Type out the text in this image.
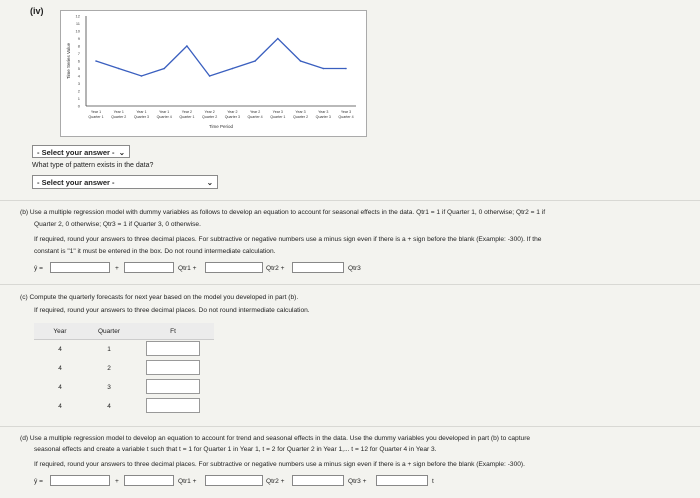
(iv)
0
1
2
3
4
5
6
7
8
9
10
11
12
Time Series Value
Year 1
Quarter 1
Year 1
Quarter 2
Year 1
Quarter 3
Year 1
Quarter 4
Year 2
Quarter 1
Year 2
Quarter 2
Year 2
Quarter 3
Year 2
Quarter 4
Year 3
Quarter 1
Year 3
Quarter 2
Year 3
Quarter 3
Year 3
Quarter 4
Time Period
- Select your answer - ⌄
What type of pattern exists in the data?
- Select your answer -	⌄
(b) Use a multiple regression model with dummy variables as follows to develop an equation to account for seasonal effects in the data. Qtr1 = 1 if Quarter 1, 0 otherwise; Qtr2 = 1 if
Quarter 2, 0 otherwise; Qtr3 = 1 if Quarter 3, 0 otherwise.
If required, round your answers to three decimal places. For subtractive or negative numbers use a minus sign even if there is a + sign before the blank (Example: -300). If the
constant is "1" it must be entered in the box. Do not round intermediate calculation.
ŷ =	+	Qtr1 +	Qtr2 +	Qtr3
(c) Compute the quarterly forecasts for next year based on the model you developed in part (b).
If required, round your answers to three decimal places. Do not round intermediate calculation.
Year	Quarter	Ft
4	1	
4	2	
4	3	
4	4	
(d) Use a multiple regression model to develop an equation to account for trend and seasonal effects in the data. Use the dummy variables you developed in part (b) to capture
seasonal effects and create a variable t such that t = 1 for Quarter 1 in Year 1, t = 2 for Quarter 2 in Year 1,... t = 12 for Quarter 4 in Year 3.
If required, round your answers to three decimal places. For subtractive or negative numbers use a minus sign even if there is a + sign before the blank (Example: -300).
ŷ =	+	Qtr1 +	Qtr2 +	Qtr3 +	t
